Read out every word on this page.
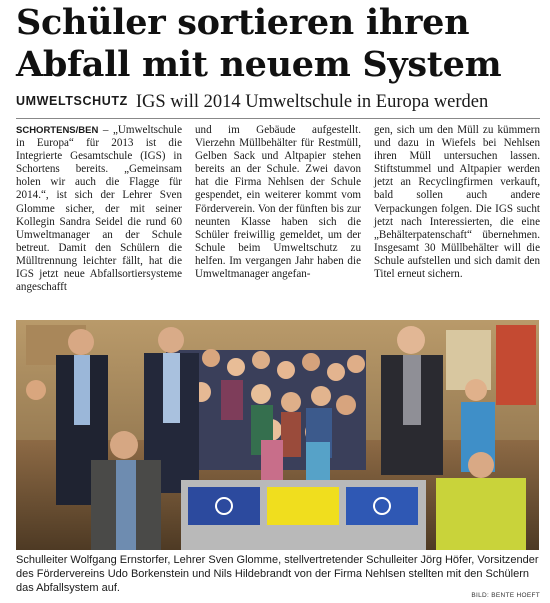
Schüler sortieren ihren
Abfall mit neuem System
UMWELTSCHUTZ IGS will 2014 Umweltschule in Europa werden
SCHORTENS/BEN – „Umweltschule in Europa“ für 2013 ist die Integrierte Gesamtschule (IGS) in Schortens bereits. „Gemeinsam holen wir auch die Flagge für 2014.“, ist sich der Lehrer Sven Glomme sicher, der mit seiner Kollegin Sandra Seidel die rund 60 Umweltmanager an der Schule betreut. Damit den Schülern die Mülltrennung leichter fällt, hat die IGS jetzt neue Abfallsortiersysteme angeschafft
und im Gebäude aufgestellt. Vierzehn Müllbehälter für Restmüll, Gelben Sack und Altpapier stehen bereits an der Schule. Zwei davon hat die Firma Nehlsen der Schule gespendet, ein weiterer kommt vom Förderverein. Von der fünften bis zur neunten Klasse haben sich die Schüler freiwillig gemeldet, um der Schule beim Umweltschutz zu helfen. Im vergangen Jahr haben die Umweltmanager angefan-
gen, sich um den Müll zu kümmern und dazu in Wiefels bei Nehlsen ihren Müll untersuchen lassen. Stiftstummel und Altpapier werden jetzt an Recyclingfirmen verkauft, bald sollen auch andere Verpackungen folgen. Die IGS sucht jetzt nach Interessierten, die eine „Behälterpatenschaft“ übernehmen. Insgesamt 30 Müllbehälter will die Schule aufstellen und sich damit den Titel erneut sichern.
Schulleiter Wolfgang Ernstorfer, Lehrer Sven Glomme, stellvertretender Schulleiter Jörg Höfer, Vorsitzender des Fördervereins Udo Borkenstein und Nils Hildebrandt von der Firma Nehlsen stellten mit den Schülern das Abfallsystem auf.
BILD: BENTE HOEFT
